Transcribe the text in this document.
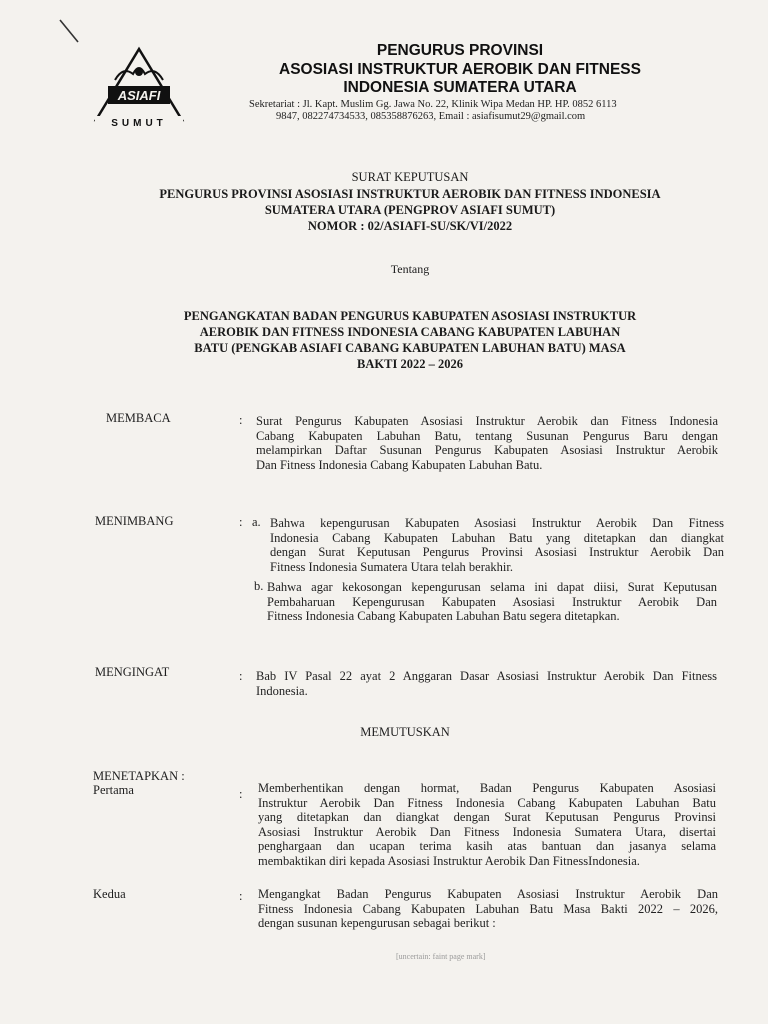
ASIAFI
SUMUT
PENGURUS PROVINSI
ASOSIASI INSTRUKTUR AEROBIK DAN FITNESS
INDONESIA SUMATERA UTARA
Sekretariat : Jl. Kapt. Muslim Gg. Jawa No. 22, Klinik Wipa Medan HP. HP. 0852 6113
9847, 082274734533, 085358876263, Email : asiafisumut29@gmail.com
SURAT KEPUTUSAN
PENGURUS PROVINSI ASOSIASI INSTRUKTUR AEROBIK DAN FITNESS INDONESIA
SUMATERA UTARA (PENGPROV ASIAFI SUMUT)
NOMOR : 02/ASIAFI-SU/SK/VI/2022
Tentang
PENGANGKATAN BADAN PENGURUS KABUPATEN ASOSIASI INSTRUKTUR
AEROBIK DAN FITNESS INDONESIA CABANG KABUPATEN LABUHAN
BATU (PENGKAB ASIAFI CABANG KABUPATEN LABUHAN BATU) MASA
BAKTI 2022 – 2026
MEMBACA	: Surat Pengurus Kabupaten Asosiasi Instruktur Aerobik dan Fitness Indonesia
Cabang Kabupaten Labuhan Batu, tentang Susunan Pengurus Baru dengan
melampirkan Daftar Susunan Pengurus Kabupaten Asosiasi Instruktur Aerobik
Dan Fitness Indonesia Cabang Kabupaten Labuhan Batu.
MENIMBANG	: a. Bahwa kepengurusan Kabupaten Asosiasi Instruktur Aerobik Dan Fitness
Indonesia Cabang Kabupaten Labuhan Batu yang ditetapkan dan diangkat
dengan Surat Keputusan Pengurus Provinsi Asosiasi Instruktur Aerobik Dan
Fitness Indonesia Sumatera Utara telah berakhir.
b. Bahwa agar kekosongan kepengurusan selama ini dapat diisi, Surat Keputusan
Pembaharuan Kepengurusan Kabupaten Asosiasi Instruktur Aerobik Dan
Fitness Indonesia Cabang Kabupaten Labuhan Batu segera ditetapkan.
MENGINGAT	: Bab IV Pasal 22 ayat 2 Anggaran Dasar Asosiasi Instruktur Aerobik Dan Fitness
Indonesia.
MEMUTUSKAN
MENETAPKAN :
Pertama	: Memberhentikan dengan hormat, Badan Pengurus Kabupaten Asosiasi
Instruktur Aerobik Dan Fitness Indonesia Cabang Kabupaten Labuhan Batu
yang ditetapkan dan diangkat dengan Surat Keputusan Pengurus Provinsi
Asosiasi Instruktur Aerobik Dan Fitness Indonesia Sumatera Utara, disertai
penghargaan dan ucapan terima kasih atas bantuan dan jasanya selama
membaktikan diri kepada Asosiasi Instruktur Aerobik Dan FitnessIndonesia.
Kedua	: Mengangkat Badan Pengurus Kabupaten Asosiasi Instruktur Aerobik Dan
Fitness Indonesia Cabang Kabupaten Labuhan Batu Masa Bakti 2022 – 2026,
dengan susunan kepengurusan sebagai berikut :
[uncertain: faint page mark]
